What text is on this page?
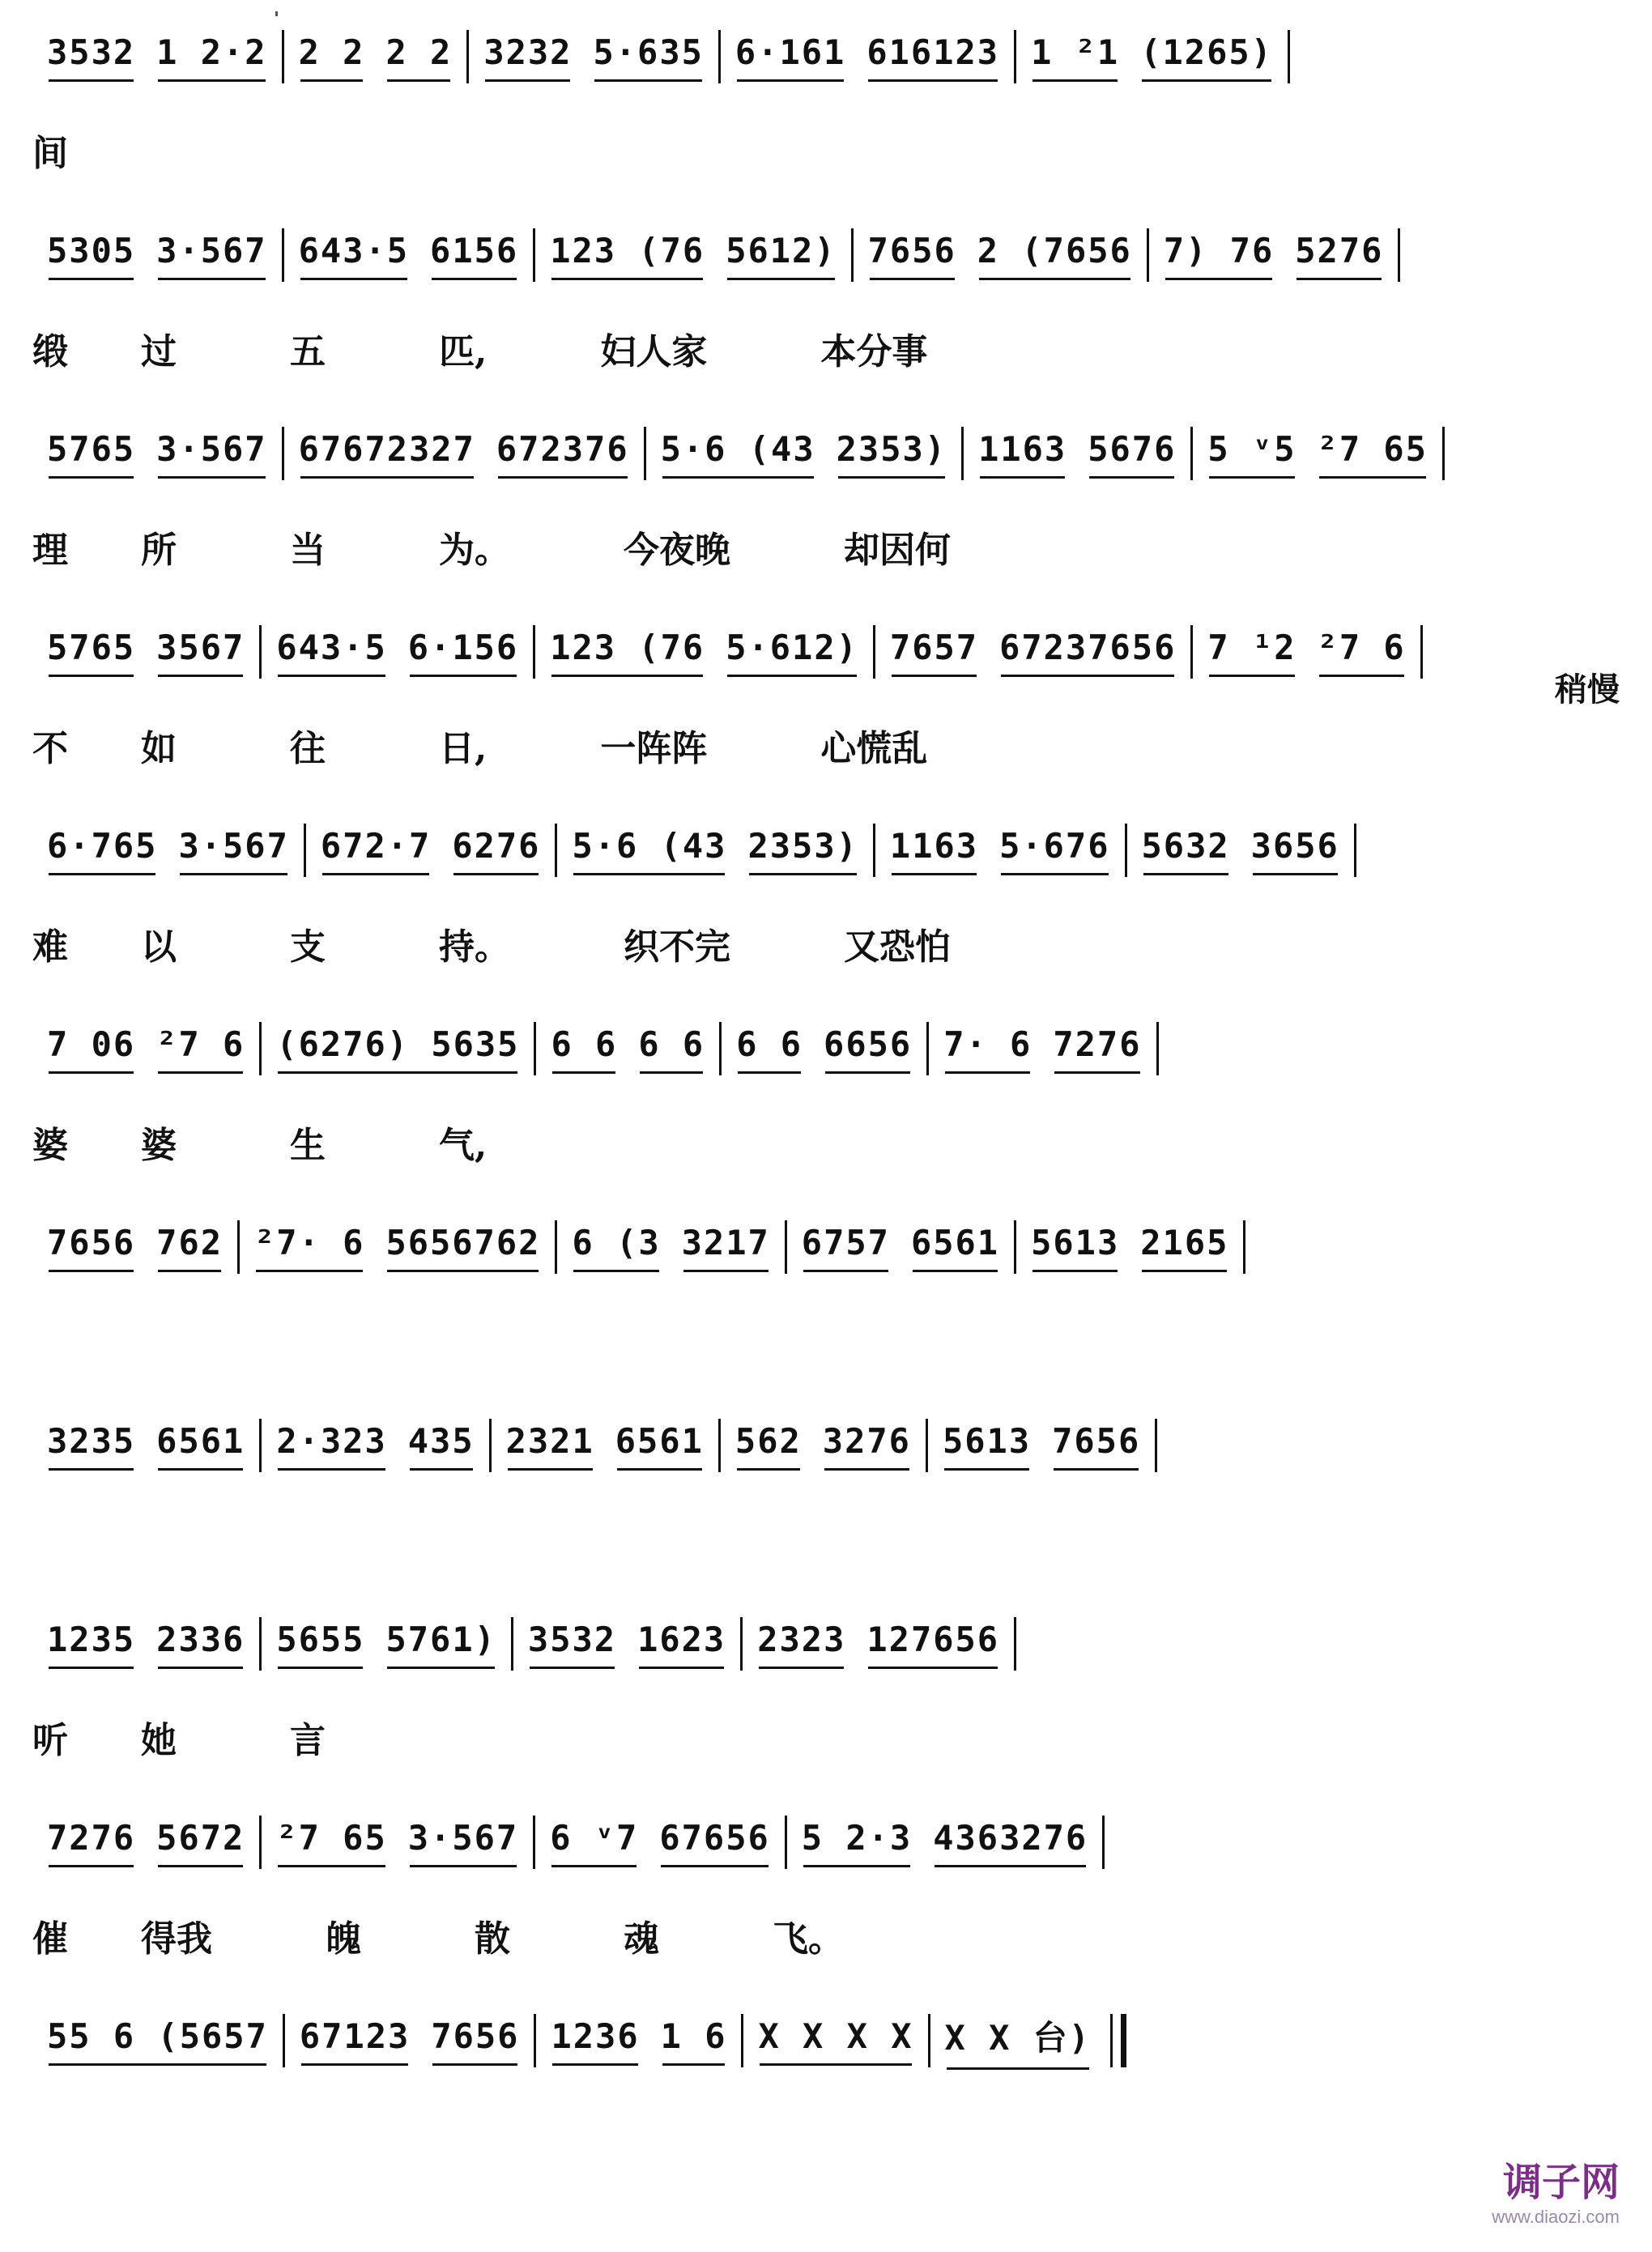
3532 1 2·2 2 2 2 2 3232 5·635 6·161 616123 1 ²1 (1265)
间
5305 3·567 643·5 6156 123 (76 5612) 7656 2 (7656 7) 76 5276
缎 过	五	匹,	妇人家	本分事
5765 3·567 67672327 672376 5·6 (43 2353) 1163 5676 5 ᵛ5 ²7 65
理 所	当	为。	今夜晚	却因何
5765 3567 643·5 6·156 123 (76 5·612) 7657 67237656 7 ¹2 ²7 6
不 如	往	日,	一阵阵	心慌乱
6·765 3·567 672·7 6276 5·6 (43 2353) 1163 5·676 5632 3656
难 以	支	持。	织不完	又恐怕
7 06 ²7 6 (6276) 5635 6 6 6 6 6 6 6656 7· 6 7276
婆 婆	生	气,
7656 762 ²7· 6 5656762 6 (3 3217 6757 6561 5613 2165
3235 6561 2·323 435 2321 6561 562 3276 5613 7656
1235 2336 5655 5761) 3532 1623 2323 127656
听 她	言
7276 5672 ²7 65 3·567 6 ᵛ7 67656 5 2·3 4363276
催 得我	魄	散	魂	飞。
55 6 (5657 67123 7656 1236 1 6 X X X X X X 台)
稍慢
调子网
www.diaozi.com
